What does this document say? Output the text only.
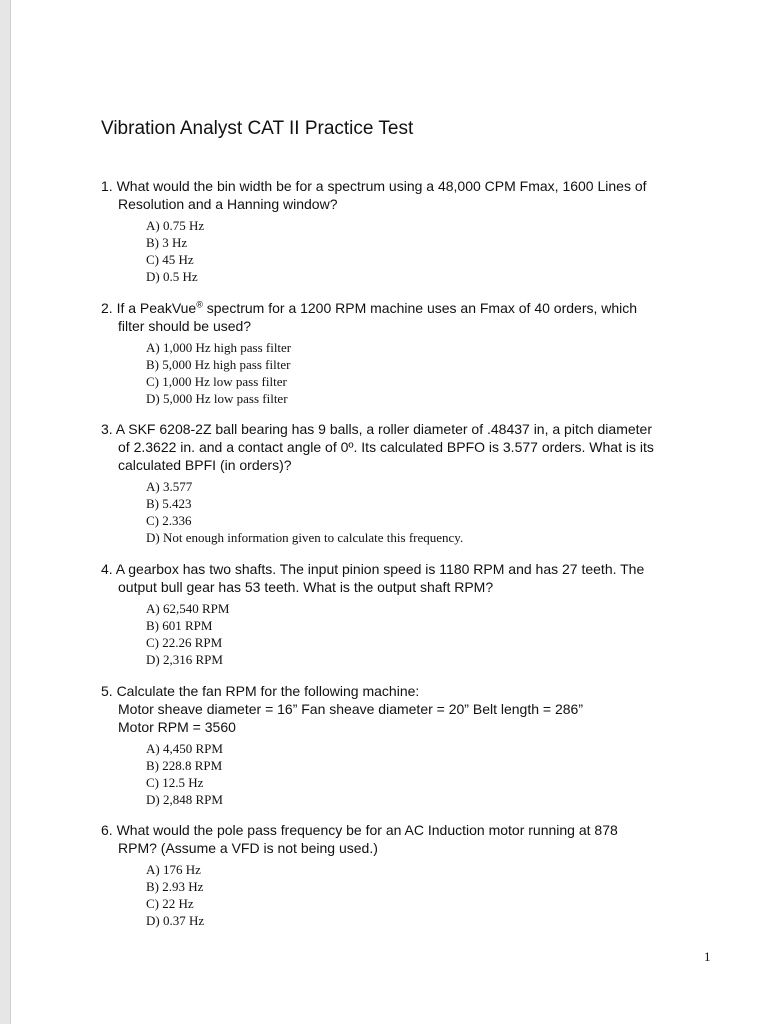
Vibration Analyst CAT II Practice Test
1. What would the bin width be for a spectrum using a 48,000 CPM Fmax, 1600 Lines of
Resolution and a Hanning window?
A) 0.75 Hz
B) 3 Hz
C) 45 Hz
D) 0.5 Hz
2. If a PeakVue® spectrum for a 1200 RPM machine uses an Fmax of 40 orders, which
filter should be used?
A) 1,000 Hz high pass filter
B) 5,000 Hz high pass filter
C) 1,000 Hz low pass filter
D) 5,000 Hz low pass filter
3. A SKF 6208-2Z ball bearing has 9 balls, a roller diameter of .48437 in, a pitch diameter
of 2.3622 in. and a contact angle of 0º. Its calculated BPFO is 3.577 orders. What is its
calculated BPFI (in orders)?
A) 3.577
B) 5.423
C) 2.336
D) Not enough information given to calculate this frequency.
4. A gearbox has two shafts. The input pinion speed is 1180 RPM and has 27 teeth. The
output bull gear has 53 teeth. What is the output shaft RPM?
A) 62,540 RPM
B) 601 RPM
C) 22.26 RPM
D) 2,316 RPM
5. Calculate the fan RPM for the following machine:
Motor sheave diameter = 16” Fan sheave diameter = 20” Belt length = 286”
Motor RPM = 3560
A) 4,450 RPM
B) 228.8 RPM
C) 12.5 Hz
D) 2,848 RPM
6. What would the pole pass frequency be for an AC Induction motor running at 878
RPM? (Assume a VFD is not being used.)
A) 176 Hz
B) 2.93 Hz
C) 22 Hz
D) 0.37 Hz
1
